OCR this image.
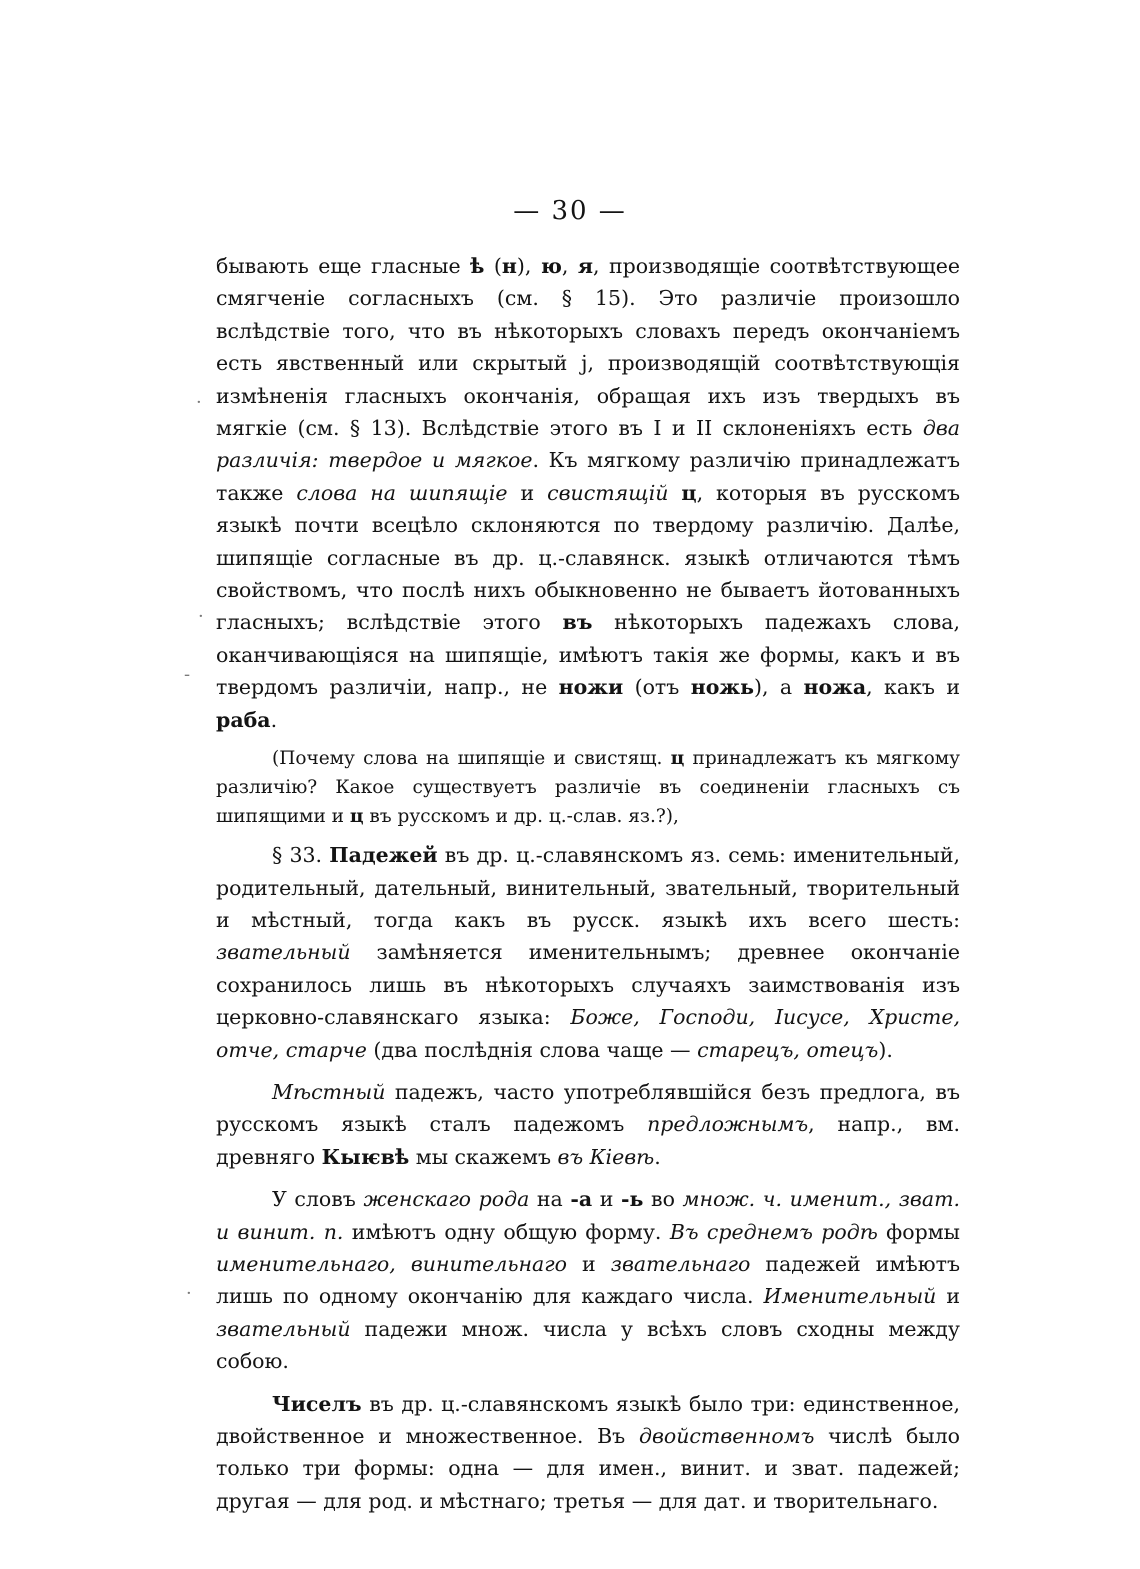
— 30 —

бывають еще гласные ѣ (н), ю, я, производящіе соотвѣтствующее смягченіе согласныхъ (см. § 15). Это различіе произошло вслѣдствіе того, что въ нѣкоторыхъ словахъ передъ окончаніемъ есть явственный или скрытый j, производящій соотвѣтствующія измѣненія гласныхъ окончанія, обращая ихъ изъ твердыхъ въ мягкіе (см. § 13). Вслѣдствіе этого въ I и II склоненіяхъ есть два различія: твердое и мягкое. Къ мягкому различію принадлежатъ также слова на шипящіе и свистящій ц, которыя въ русскомъ языкѣ почти всецѣло склоняются по твердому различію. Далѣе, шипящіе согласные въ др. ц.-славянск. языкѣ отличаются тѣмъ свойствомъ, что послѣ нихъ обыкновенно не бываетъ йотованныхъ гласныхъ; вслѣдствіе этого въ нѣкоторыхъ падежахъ слова, оканчивающіяся на шипящіе, имѣютъ такія же формы, какъ и въ твердомъ различіи, напр., не ножи (отъ ножь), а ножа, какъ и раба.

(Почему слова на шипящіе и свистящ. ц принадлежатъ къ мягкому различію? Какое существуетъ различіе въ соединеніи гласныхъ съ шипящими и ц въ русскомъ и др. ц.-слав. яз.?),

§ 33. Падежей въ др. ц.-славянскомъ яз. семь: именительный, родительный, дательный, винительный, звательный, творительный и мѣстный, тогда какъ въ русск. языкѣ ихъ всего шесть: звательный замѣняется именительнымъ; древнее окончаніе сохранилось лишь въ нѣкоторыхъ случаяхъ заимствованія изъ церковно-славянскаго языка: Боже, Господи, Іисусе, Христе, отче, старче (два послѣднія слова чаще — старецъ, отецъ).

Мѣстный падежъ, часто употреблявшійся безъ предлога, въ русскомъ языкѣ сталъ падежомъ предложнымъ, напр., вм. древняго Кыѥвѣ мы скажемъ въ Кіевѣ.

У словъ женскаго рода на -а и -ь во множ. ч. именит., зват. и винит. п. имѣютъ одну общую форму. Въ среднемъ родѣ формы именительнаго, винительнаго и звательнаго падежей имѣютъ лишь по одному окончанію для каждаго числа. Именительный и звательный падежи множ. числа у всѣхъ словъ сходны между собою.

Чиселъ въ др. ц.-славянскомъ языкѣ было три: единственное, двойственное и множественное. Въ двойственномъ числѣ было только три формы: одна — для имен., винит. и зват. падежей; другая — для род. и мѣстнаго; третья — для дат. и творительнаго.

·
·
-
·
